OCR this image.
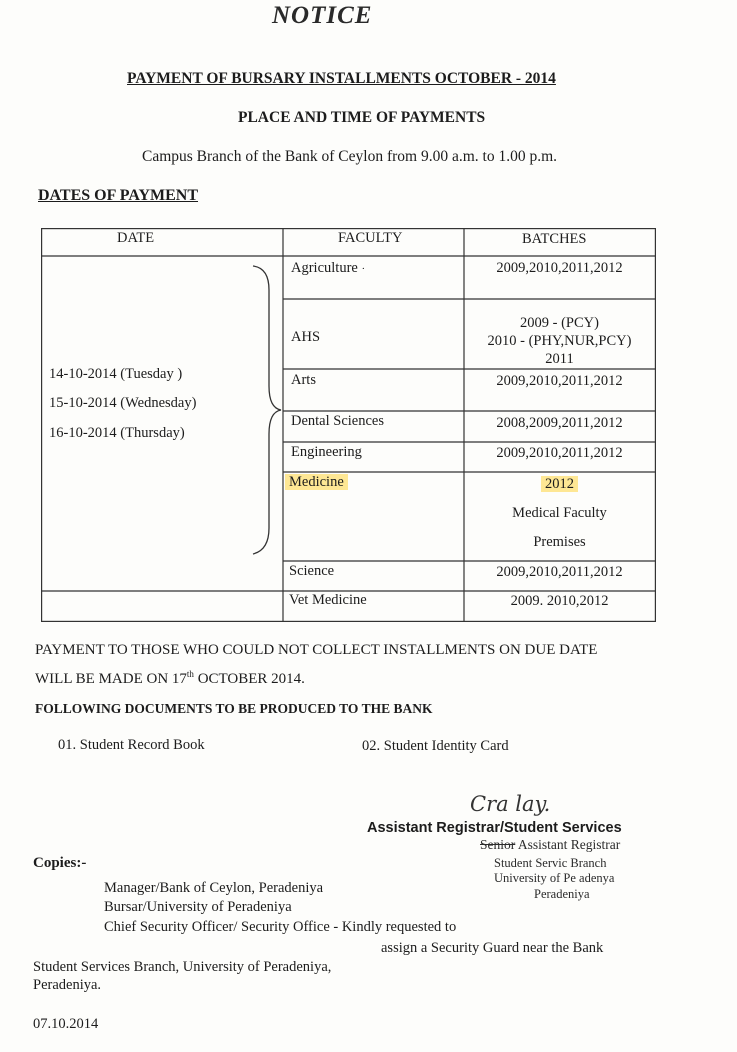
NOTICE
PAYMENT OF BURSARY INSTALLMENTS OCTOBER - 2014
PLACE AND TIME OF PAYMENTS
Campus Branch of the Bank of Ceylon from 9.00 a.m. to 1.00 p.m.
DATES OF PAYMENT
DATE	FACULTY	BATCHES
14-10-2014 (Tuesday )
15-10-2014 (Wednesday)
16-10-2014 (Thursday)
Agriculture ·	2009,2010,2011,2012
AHS
2009 - (PCY)
2010 - (PHY,NUR,PCY)
2011
Arts	2009,2010,2011,2012
Dental Sciences	2008,2009,2011,2012
Engineering	2009,2010,2011,2012
Medicine	2012
Medical Faculty
Premises
Science	2009,2010,2011,2012
Vet Medicine	2009. 2010,2012
PAYMENT TO THOSE WHO COULD NOT COLLECT INSTALLMENTS ON DUE DATE
WILL BE MADE ON 17th OCTOBER 2014.
FOLLOWING DOCUMENTS TO BE PRODUCED TO THE BANK
01. Student Record Book	02. Student Identity Card
Cra lay.
Assistant Registrar/Student Services
Senior Assistant Registrar
Student Servic Branch
University of Pe adenya
Peradeniya
Copies:-
Manager/Bank of Ceylon, Peradeniya
Bursar/University of Peradeniya
Chief Security Officer/ Security Office - Kindly requested to
assign a Security Guard near the Bank
Student Services Branch, University of Peradeniya,
Peradeniya.
07.10.2014
